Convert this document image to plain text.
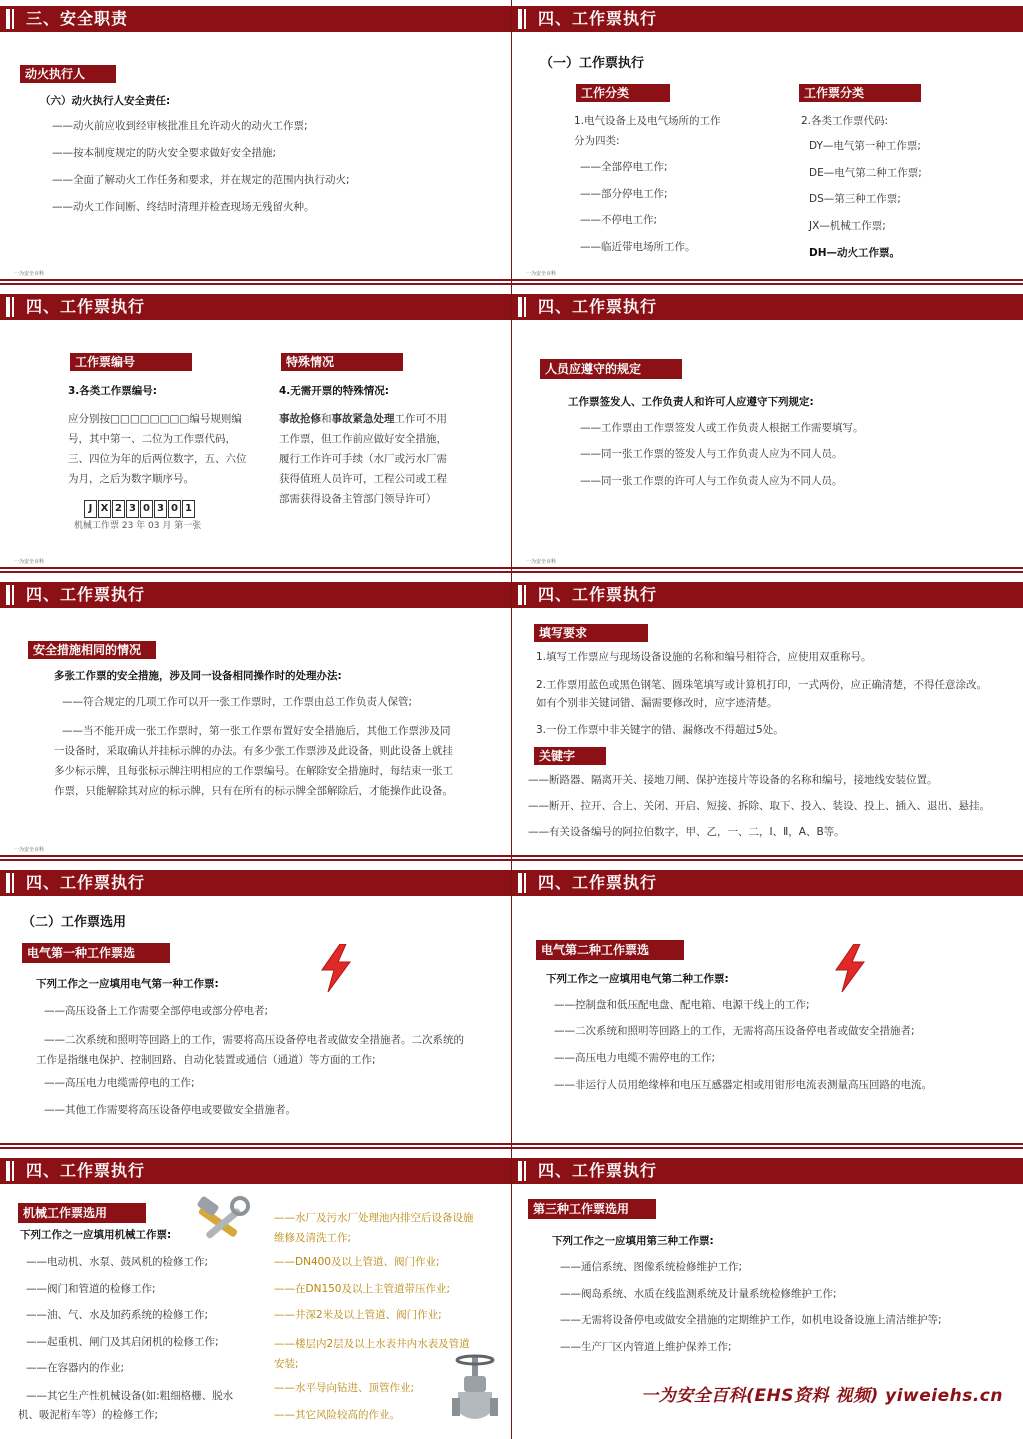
三、安全职责
动火执行人
（六）动火执行人安全责任:
——动火前应收到经审核批准且允许动火的动火工作票;
——按本制度规定的防火安全要求做好安全措施;
——全面了解动火工作任务和要求，并在规定的范围内执行动火;
——动火工作间断、终结时清理并检查现场无残留火种。
一为安全百科
四、工作票执行
（一）工作票执行
工作分类	工作票分类
1.电气设备上及电气场所的工作
分为四类:
——全部停电工作;
——部分停电工作;
——不停电工作;
——临近带电场所工作。
2.各类工作票代码:
DY—电气第一种工作票;
DE—电气第二种工作票;
DS—第三种工作票;
JX—机械工作票;
DH—动火工作票。
一为安全百科
四、工作票执行
工作票编号	特殊情况
3.各类工作票编号:
应分别按□□□□□□□□编号规则编号，其中第一、二位为工作票代码，三、四位为年的后两位数字，五、六位为月，之后为数字顺序号。
4.无需开票的特殊情况:
事故抢修和事故紧急处理工作可不用工作票，但工作前应做好安全措施，履行工作许可手续（水厂或污水厂需获得值班人员许可，工程公司或工程部需获得设备主管部门领导许可）
一为安全百科
J X 2 3 0 3 0 1
机械工作票 23 年 03 月 第一张
四、工作票执行
人员应遵守的规定
工作票签发人、工作负责人和许可人应遵守下列规定:
——工作票由工作票签发人或工作负责人根据工作需要填写。
——同一张工作票的签发人与工作负责人应为不同人员。
——同一张工作票的许可人与工作负责人应为不同人员。
一为安全百科
四、工作票执行
安全措施相同的情况
多张工作票的安全措施，涉及同一设备相同操作时的处理办法:
——符合规定的几项工作可以开一张工作票时，工作票由总工作负责人保管;
——当不能开成一张工作票时，第一张工作票布置好安全措施后，其他工作票涉及同一设备时，采取确认并挂标示牌的办法。有多少张工作票涉及此设备，则此设备上就挂多少标示牌，且每张标示牌注明相应的工作票编号。在解除安全措施时，每结束一张工作票，只能解除其对应的标示牌，只有在所有的标示牌全部解除后，才能操作此设备。
一为安全百科
四、工作票执行
填写要求
1.填写工作票应与现场设备设施的名称和编号相符合，应使用双重称号。
2.工作票用蓝色或黑色钢笔、圆珠笔填写或计算机打印，一式两份，应正确清楚，不得任意涂改。如有个别非关键词错、漏需要修改时，应字迹清楚。
3.一份工作票中非关键字的错、漏修改不得超过5处。
关键字
——断路器、隔离开关、接地刀闸、保护连接片等设备的名称和编号，接地线安装位置。
——断开、拉开、合上、关闭、开启、短接、拆除、取下、投入、装设、投上、插入、退出、悬挂。
——有关设备编号的阿拉伯数字，甲、乙，一、二，Ⅰ、Ⅱ，A、B等。
四、工作票执行
（二）工作票选用
电气第一种工作票选
下列工作之一应填用电气第一种工作票:
——高压设备上工作需要全部停电或部分停电者;
——二次系统和照明等回路上的工作，需要将高压设备停电者或做安全措施者。二次系统的工作是指继电保护、控制回路、自动化装置或通信（通道）等方面的工作;
——高压电力电缆需停电的工作;
——其他工作需要将高压设备停电或要做安全措施者。
四、工作票执行
电气第二种工作票选
下列工作之一应填用电气第二种工作票:
——控制盘和低压配电盘、配电箱、电源干线上的工作;
——二次系统和照明等回路上的工作，无需将高压设备停电者或做安全措施者;
——高压电力电缆不需停电的工作;
——非运行人员用绝缘棒和电压互感器定相或用钳形电流表测量高压回路的电流。
四、工作票执行
机械工作票选用
下列工作之一应填用机械工作票:
——电动机、水泵、鼓风机的检修工作;
——阀门和管道的检修工作;
——油、气、水及加药系统的检修工作;
——起重机、闸门及其启闭机的检修工作;
——在容器内的作业;
——其它生产性机械设备(如:粗细格栅、脱水机、吸泥桁车等）的检修工作;
——水厂及污水厂处理池内排空后设备设施维修及清洗工作;
——DN400及以上管道、阀门作业;
——在DN150及以上主管道带压作业;
——井深2米及以上管道、阀门作业;
——楼层内2层及以上水表井内水表及管道安装;
——水平导向钻进、顶管作业;
——其它风险较高的作业。
四、工作票执行
第三种工作票选用
下列工作之一应填用第三种工作票:
——通信系统、图像系统检修维护工作;
——阀岛系统、水质在线监测系统及计量系统检修维护工作;
——无需将设备停电或做安全措施的定期维护工作，如机电设备设施上清洁维护等;
——生产厂区内管道上维护保养工作;
一为安全百科(EHS资料 视频) yiweiehs.cn
